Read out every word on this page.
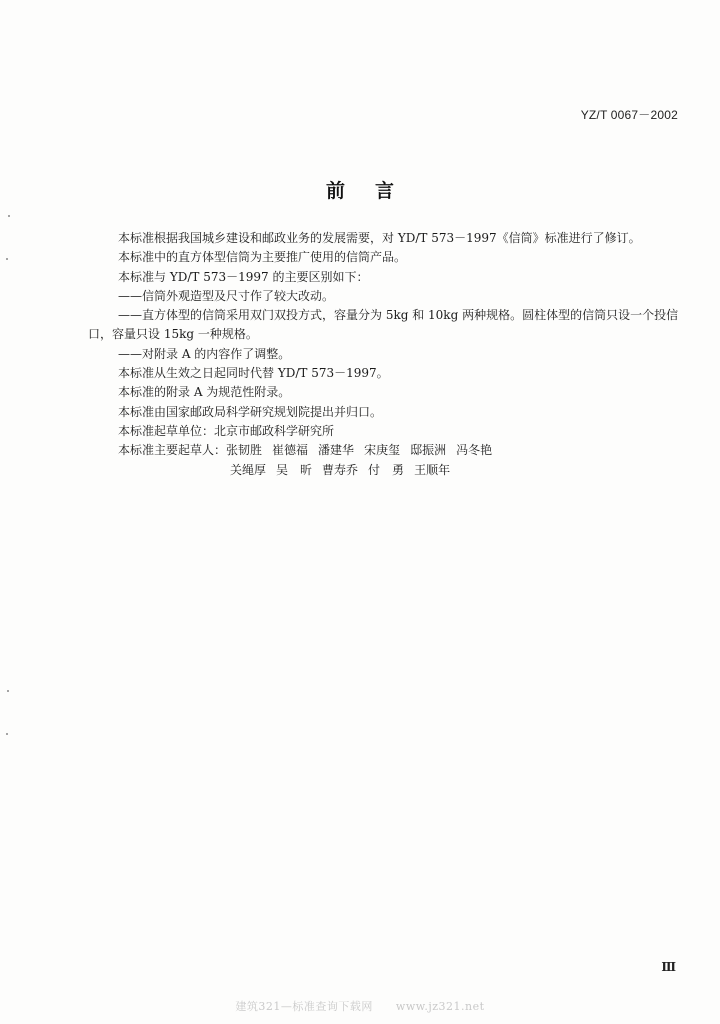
YZ/T 0067－2002
前言

本标准根据我国城乡建设和邮政业务的发展需要，对 YD/T 573－1997《信筒》标准进行了修订。

本标准中的直方体型信筒为主要推广使用的信筒产品。

本标准与 YD/T 573－1997 的主要区别如下：

——信筒外观造型及尺寸作了较大改动。

——直方体型的信筒采用双门双投方式，容量分为 5kg 和 10kg 两种规格。圆柱体型的信筒只设一个投信口，容量只设 15kg 一种规格。

——对附录 A 的内容作了调整。

本标准从生效之日起同时代替 YD/T 573－1997。

本标准的附录 A 为规范性附录。

本标准由国家邮政局科学研究规划院提出并归口。

本标准起草单位：北京市邮政科学研究所

本标准主要起草人：张韧胜 崔德福 潘建华 宋庚玺 邸振洲 冯冬艳

关绳厚 吴　昕 曹寿乔 付　勇 王顺年

Ⅲ
建筑321—标准查询下载网　　www.jz321.net
